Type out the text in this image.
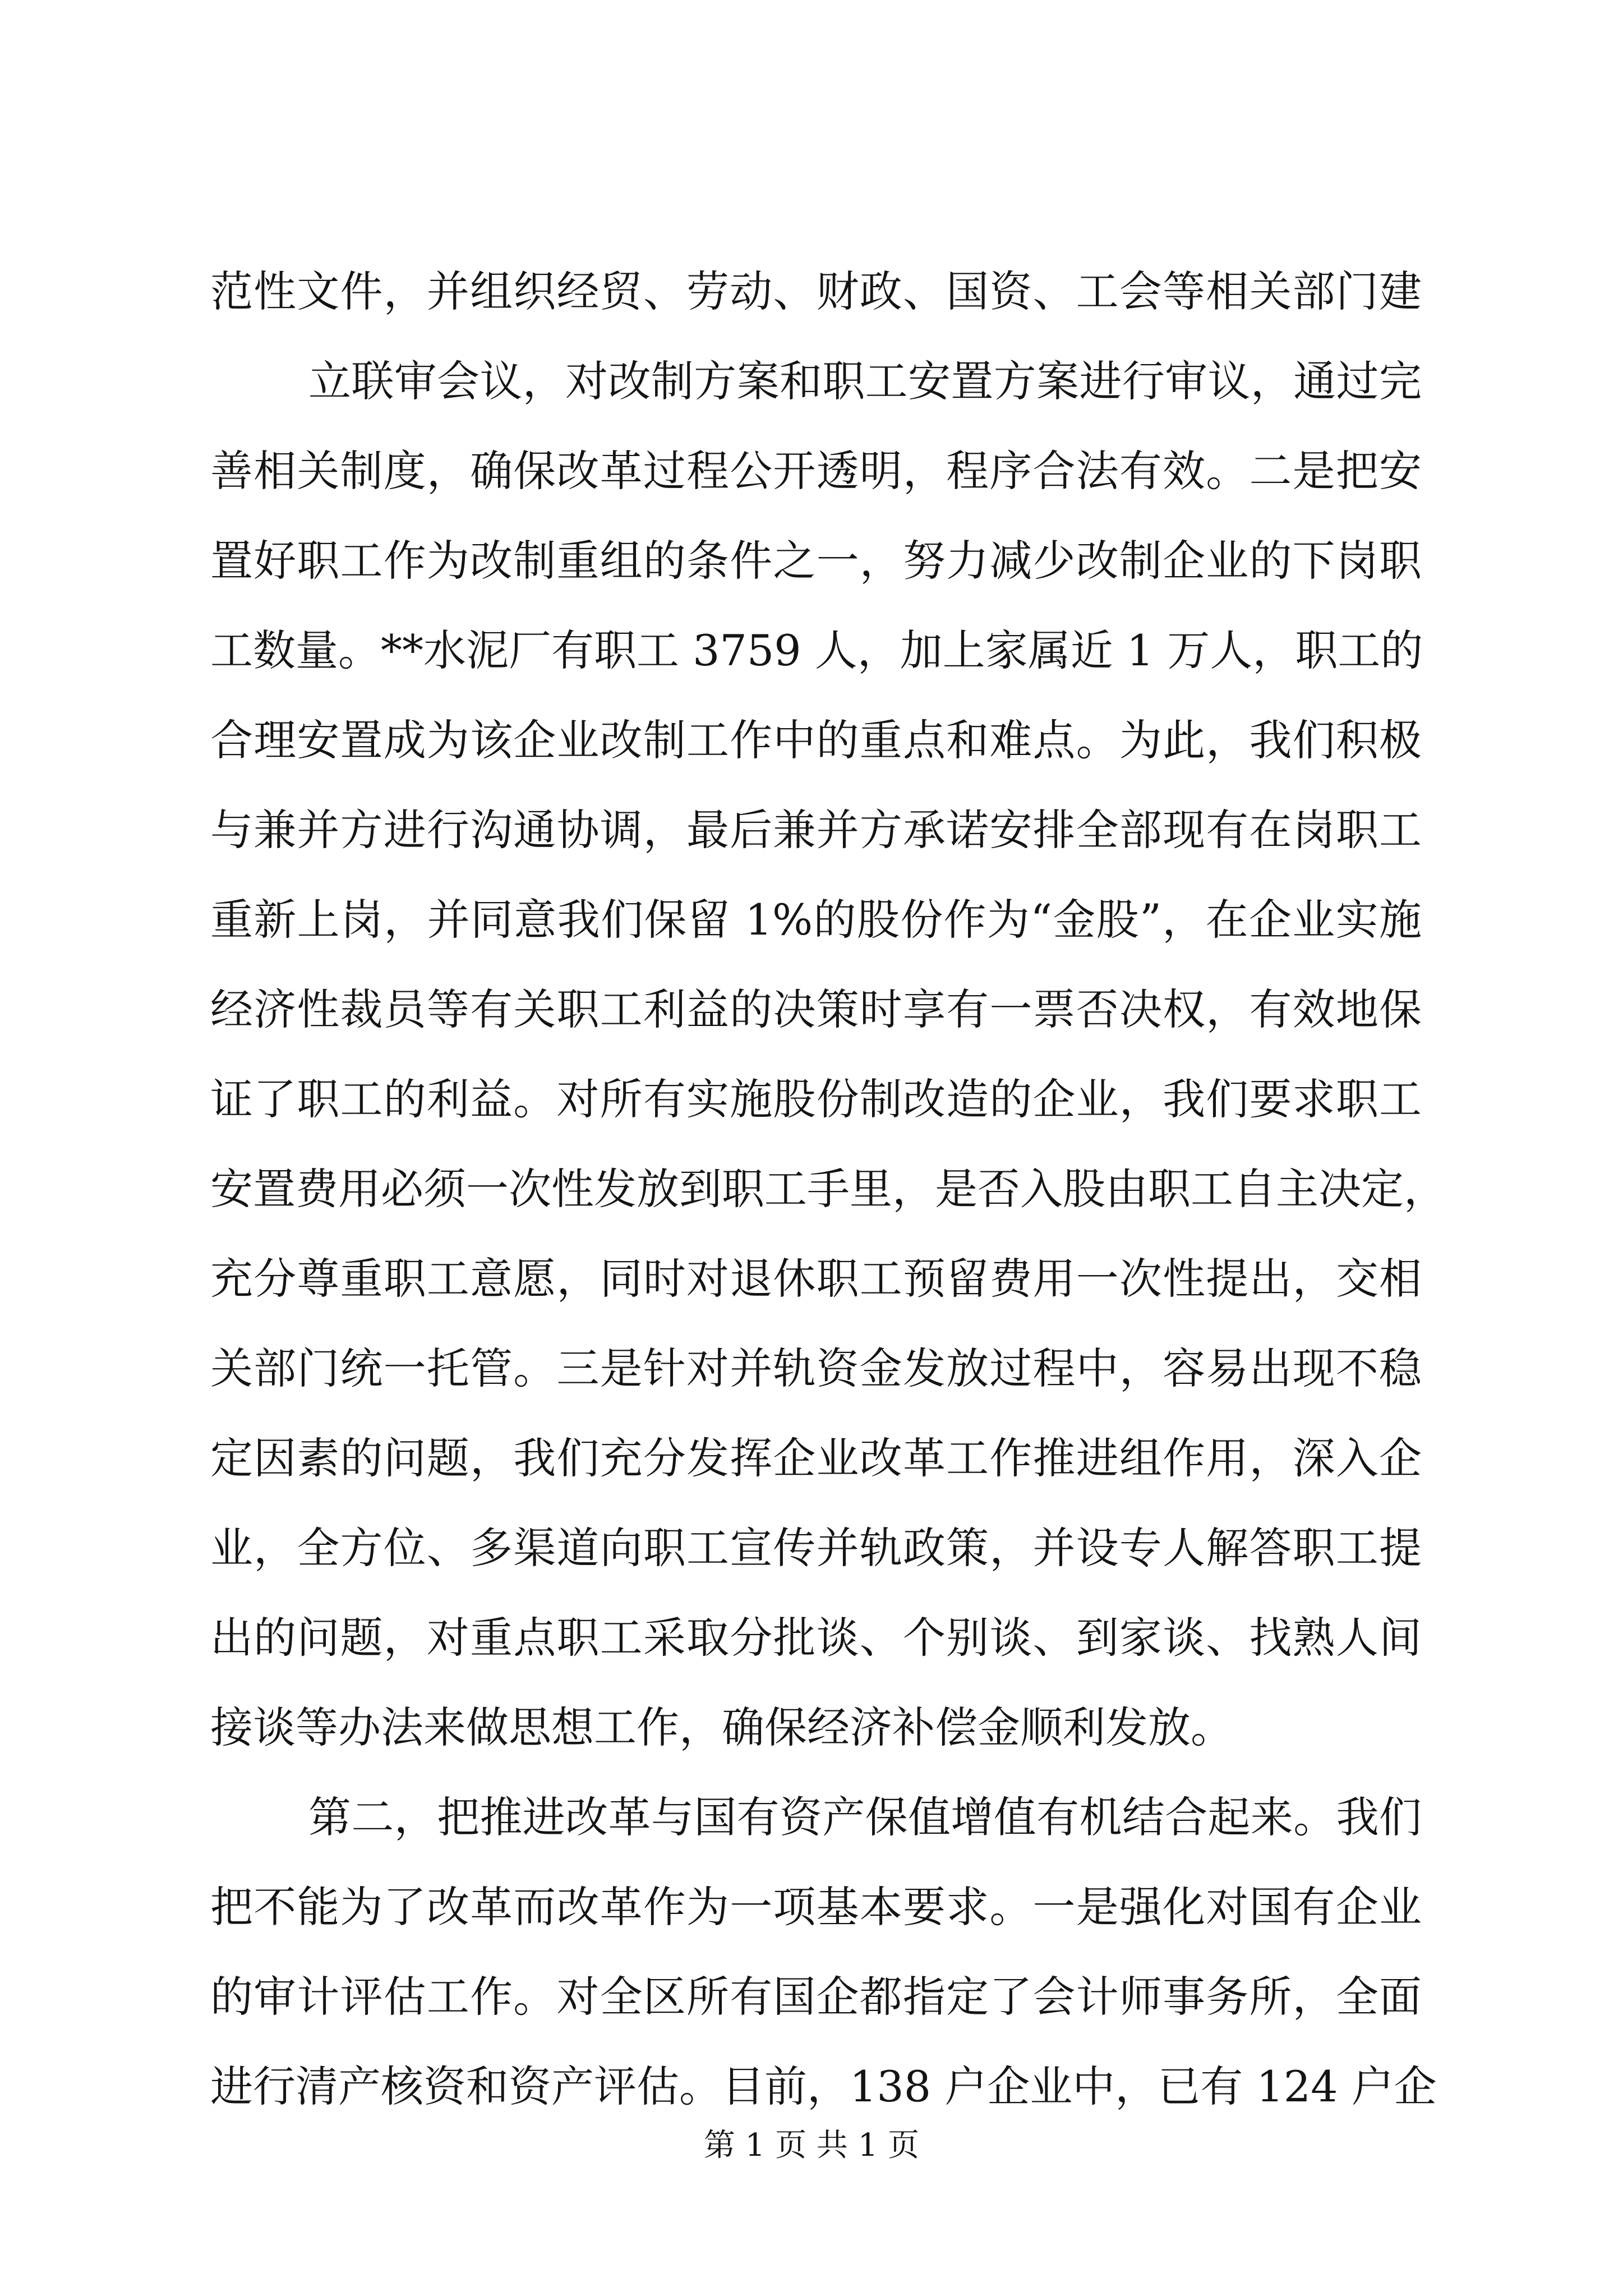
范性文件，并组织经贸、劳动、财政、国资、工会等相关部门建
立联审会议，对改制方案和职工安置方案进行审议，通过完
善相关制度，确保改革过程公开透明，程序合法有效。二是把安
置好职工作为改制重组的条件之一，努力减少改制企业的下岗职
工数量。**水泥厂有职工 3759 人，加上家属近 1 万人，职工的
合理安置成为该企业改制工作中的重点和难点。为此，我们积极
与兼并方进行沟通协调，最后兼并方承诺安排全部现有在岗职工
重新上岗，并同意我们保留 1%的股份作为“金股”，在企业实施
经济性裁员等有关职工利益的决策时享有一票否决权，有效地保
证了职工的利益。对所有实施股份制改造的企业，我们要求职工
安置费用必须一次性发放到职工手里，是否入股由职工自主决定，
充分尊重职工意愿，同时对退休职工预留费用一次性提出，交相
关部门统一托管。三是针对并轨资金发放过程中，容易出现不稳
定因素的问题，我们充分发挥企业改革工作推进组作用，深入企
业，全方位、多渠道向职工宣传并轨政策，并设专人解答职工提
出的问题，对重点职工采取分批谈、个别谈、到家谈、找熟人间
接谈等办法来做思想工作，确保经济补偿金顺利发放。
第二，把推进改革与国有资产保值增值有机结合起来。我们
把不能为了改革而改革作为一项基本要求。一是强化对国有企业
的审计评估工作。对全区所有国企都指定了会计师事务所，全面
进行清产核资和资产评估。目前，138 户企业中，已有 124 户企
第 1 页 共 1 页
